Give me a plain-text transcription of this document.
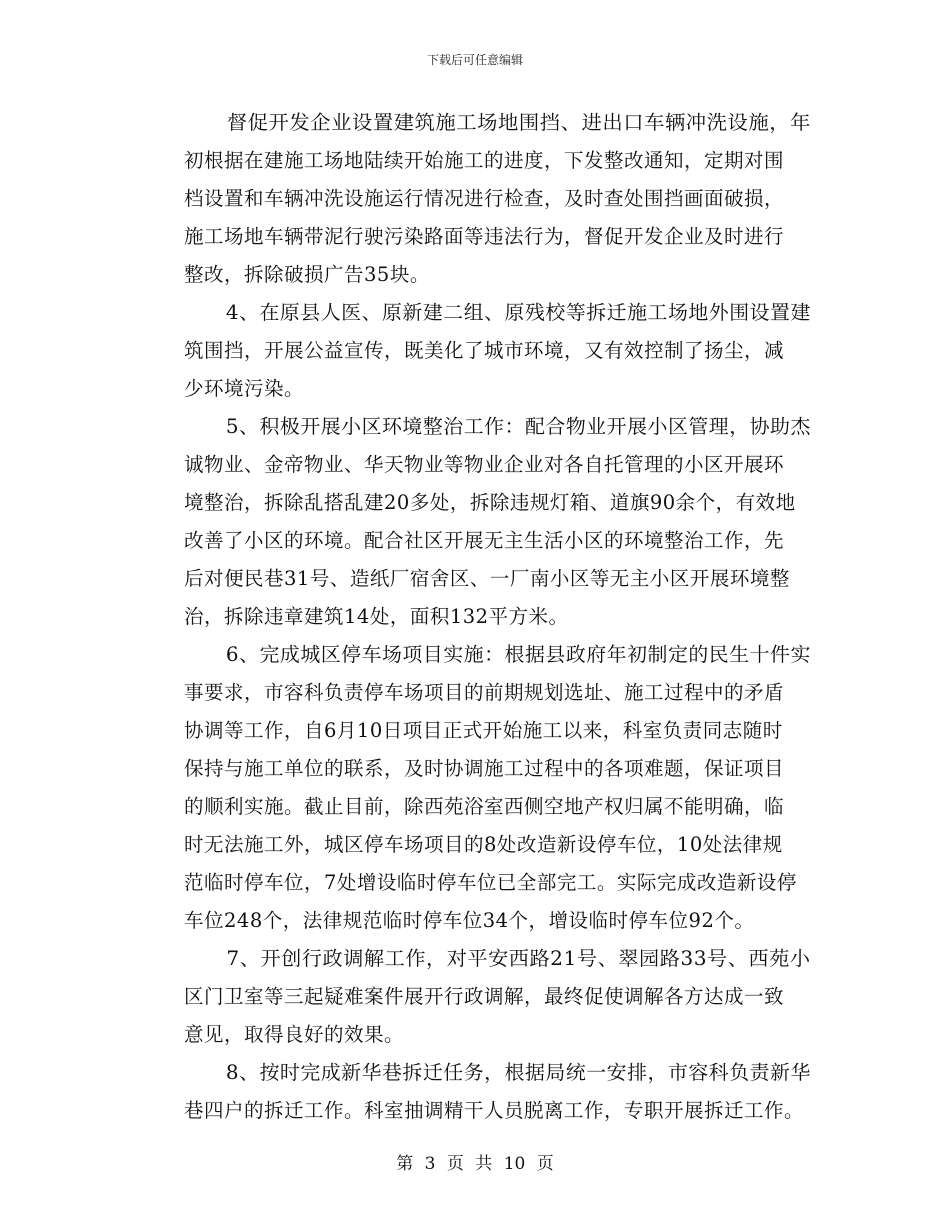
下载后可任意编辑

督促开发企业设置建筑施工场地围挡、进出口车辆冲洗设施，年
初根据在建施工场地陆续开始施工的进度，下发整改通知，定期对围
档设置和车辆冲洗设施运行情况进行检查，及时查处围挡画面破损，
施工场地车辆带泥行驶污染路面等违法行为，督促开发企业及时进行
整改，拆除破损广告35块。

4、在原县人医、原新建二组、原残校等拆迁施工场地外围设置建
筑围挡，开展公益宣传，既美化了城市环境，又有效控制了扬尘，减
少环境污染。

5、积极开展小区环境整治工作：配合物业开展小区管理，协助杰
诚物业、金帝物业、华天物业等物业企业对各自托管理的小区开展环
境整治，拆除乱搭乱建20多处，拆除违规灯箱、道旗90余个，有效地
改善了小区的环境。配合社区开展无主生活小区的环境整治工作，先
后对便民巷31号、造纸厂宿舍区、一厂南小区等无主小区开展环境整
治，拆除违章建筑14处，面积132平方米。

6、完成城区停车场项目实施：根据县政府年初制定的民生十件实
事要求，市容科负责停车场项目的前期规划选址、施工过程中的矛盾
协调等工作，自6月10日项目正式开始施工以来，科室负责同志随时
保持与施工单位的联系，及时协调施工过程中的各项难题，保证项目
的顺利实施。截止目前，除西苑浴室西侧空地产权归属不能明确，临
时无法施工外，城区停车场项目的8处改造新设停车位，10处法律规
范临时停车位，7处增设临时停车位已全部完工。实际完成改造新设停
车位248个，法律规范临时停车位34个，增设临时停车位92个。

7、开创行政调解工作，对平安西路21号、翠园路33号、西苑小
区门卫室等三起疑难案件展开行政调解，最终促使调解各方达成一致
意见，取得良好的效果。

8、按时完成新华巷拆迁任务，根据局统一安排，市容科负责新华
巷四户的拆迁工作。科室抽调精干人员脱离工作，专职开展拆迁工作。

第 3 页 共 10 页
